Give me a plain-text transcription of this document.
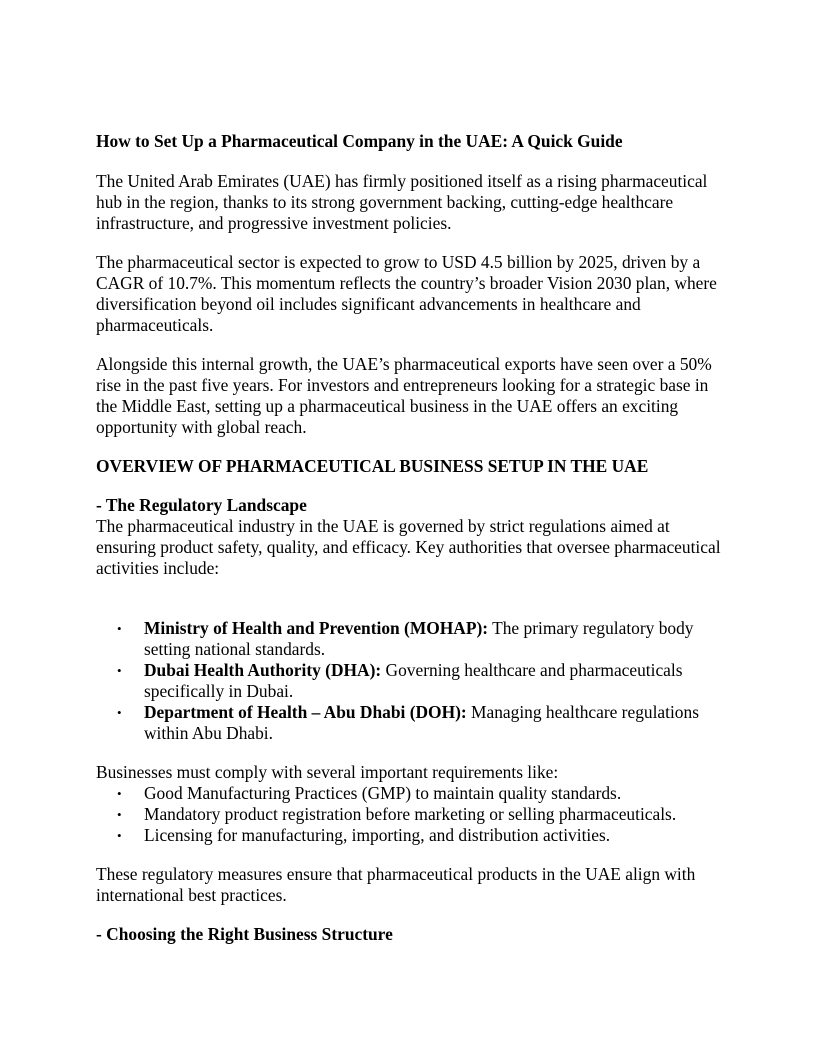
How to Set Up a Pharmaceutical Company in the UAE: A Quick Guide

The United Arab Emirates (UAE) has firmly positioned itself as a rising pharmaceutical hub in the region, thanks to its strong government backing, cutting-edge healthcare infrastructure, and progressive investment policies.

The pharmaceutical sector is expected to grow to USD 4.5 billion by 2025, driven by a CAGR of 10.7%. This momentum reflects the country’s broader Vision 2030 plan, where diversification beyond oil includes significant advancements in healthcare and pharmaceuticals.

Alongside this internal growth, the UAE’s pharmaceutical exports have seen over a 50% rise in the past five years. For investors and entrepreneurs looking for a strategic base in the Middle East, setting up a pharmaceutical business in the UAE offers an exciting opportunity with global reach.

OVERVIEW OF PHARMACEUTICAL BUSINESS SETUP IN THE UAE
- The Regulatory Landscape
The pharmaceutical industry in the UAE is governed by strict regulations aimed at ensuring product safety, quality, and efficacy. Key authorities that oversee pharmaceutical activities include:
• Ministry of Health and Prevention (MOHAP): The primary regulatory body setting national standards.
• Dubai Health Authority (DHA): Governing healthcare and pharmaceuticals specifically in Dubai.
• Department of Health – Abu Dhabi (DOH): Managing healthcare regulations within Abu Dhabi.
Businesses must comply with several important requirements like:
• Good Manufacturing Practices (GMP) to maintain quality standards.
• Mandatory product registration before marketing or selling pharmaceuticals.
• Licensing for manufacturing, importing, and distribution activities.

These regulatory measures ensure that pharmaceutical products in the UAE align with international best practices.

- Choosing the Right Business Structure
